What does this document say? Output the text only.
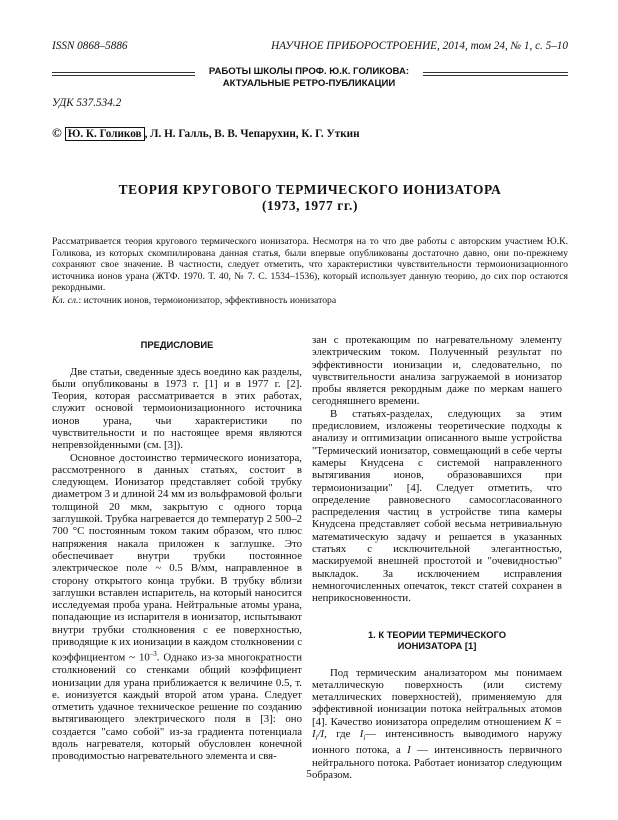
ISSN 0868–5886	НАУЧНОЕ ПРИБОРОСТРОЕНИЕ, 2014, том 24, № 1, c. 5–10
РАБОТЫ ШКОЛЫ ПРОФ. Ю.К. ГОЛИКОВА:
АКТУАЛЬНЫЕ РЕТРО-ПУБЛИКАЦИИ
УДК 537.534.2
© Ю. К. Голиков , Л. Н. Галль, В. В. Чепарухин, К. Г. Уткин
ТЕОРИЯ КРУГОВОГО ТЕРМИЧЕСКОГО ИОНИЗАТОРА
(1973, 1977 гг.)
Рассматривается теория кругового термического ионизатора. Несмотря на то что две работы с авторским участием Ю.К. Голикова, из которых скомпилирована данная статья, были впервые опубликованы достаточно давно, они по-прежнему сохраняют свое значение. В частности, следует отметить, что характеристики чувствительности термоионизационного источника ионов урана (ЖТФ. 1970. Т. 40, № 7. С. 1534–1536), который использует данную теорию, до сих пор остаются рекордными.
Кл. сл.: источник ионов, термоионизатор, эффективность ионизатора
ПРЕДИСЛОВИЕ

Две статьи, сведенные здесь воедино как разделы, были опубликованы в 1973 г. [1] и в 1977 г. [2]. Теория, которая рассматривается в этих работах, служит основой термоионизационного источника ионов урана, чьи характеристики по чувствительности и по настоящее время являются непревзойденными (см. [3]).

Основное достоинство термического ионизатора, рассмотренного в данных статьях, состоит в следующем. Ионизатор представляет собой трубку диаметром 3 и длиной 24 мм из вольфрамовой фольги толщиной 20 мкм, закрытую с одного торца заглушкой. Трубка нагревается до температур 2 500–2 700 °С постоянным током таким образом, что плюс напряжения накала приложен к заглушке. Это обеспечивает внутри трубки постоянное электрическое поле ~ 0.5 В/мм, направленное в сторону открытого конца трубки. В трубку вблизи заглушки вставлен испаритель, на который наносится исследуемая проба урана. Нейтральные атомы урана, попадающие из испарителя в ионизатор, испытывают внутри трубки столкновения с ее поверхностью, приводящие к их ионизации в каждом столкновении с коэффициентом ~ $10^{-3}$. Однако из-за многократности столкновений со стенками общий коэффициент ионизации для урана приближается к величине 0.5, т. е. ионизуется каждый второй атом урана. Следует отметить удачное техническое решение по созданию вытягивающего электрического поля в [3]: оно создается "само собой" из-за градиента потенциала вдоль нагревателя, который обусловлен конечной проводимостью нагревательного элемента и свя-

зан с протекающим по нагревательному элементу электрическим током. Полученный результат по эффективности ионизации и, следовательно, по чувствительности анализа загружаемой в ионизатор пробы является рекордным даже по меркам нашего сегодняшнего времени.

В статьях-разделах, следующих за этим предисловием, изложены теоретические подходы к анализу и оптимизации описанного выше устройства "Термический ионизатор, совмещающий в себе черты камеры Кнудсена с системой направленного вытягивания ионов, образовавшихся при термоионизации" [4]. Следует отметить, что определение равновесного самосогласованного распределения частиц в устройстве типа камеры Кнудсена представляет собой весьма нетривиальную математическую задачу и решается в указанных статьях с исключительной элегантностью, маскируемой внешней простотой и "очевидностью" выкладок. За исключением исправления немногочисленных опечаток, текст статей сохранен в неприкосновенности.

1. К ТЕОРИИ ТЕРМИЧЕСКОГО
ИОНИЗАТОРА [1]

Под термическим анализатором мы понимаем металлическую поверхность (или систему металлических поверхностей), применяемую для эффективной ионизации потока нейтральных атомов [4]. Качество ионизатора определим отношением $K = I_i/I$, где $I_i—$ интенсивность выводимого наружу ионного потока, а I — интенсивность первичного нейтрального потока. Работает ионизатор следующим образом.

5
